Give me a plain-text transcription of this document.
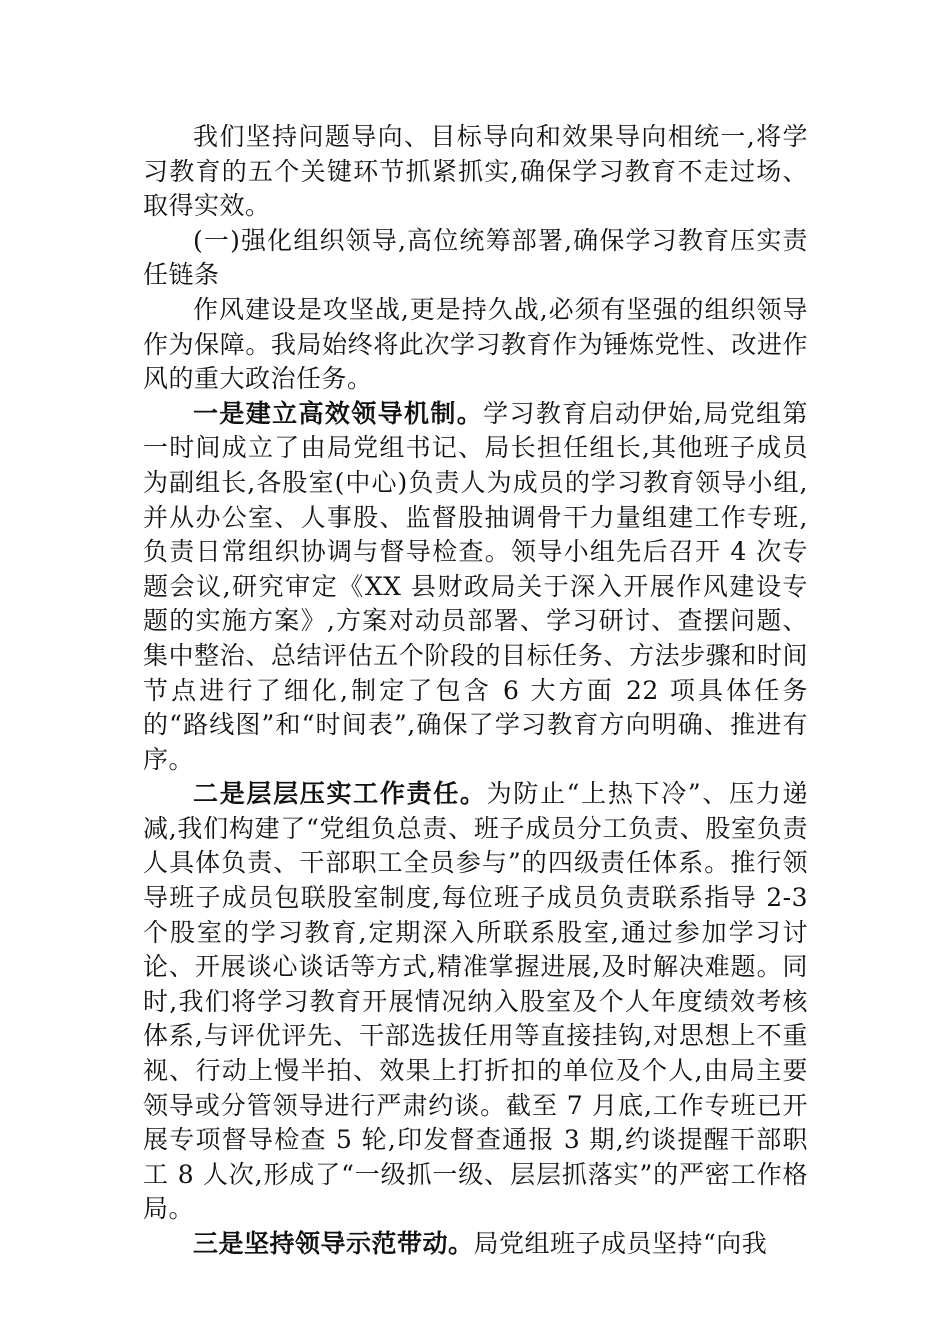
我们坚持问题导向、目标导向和效果导向相统一,将学习教育的五个关键环节抓紧抓实,确保学习教育不走过场、取得实效。

(一)强化组织领导,高位统筹部署,确保学习教育压实责任链条

作风建设是攻坚战,更是持久战,必须有坚强的组织领导作为保障。我局始终将此次学习教育作为锤炼党性、改进作风的重大政治任务。

一是建立高效领导机制。学习教育启动伊始,局党组第一时间成立了由局党组书记、局长担任组长,其他班子成员为副组长,各股室(中心)负责人为成员的学习教育领导小组,并从办公室、人事股、监督股抽调骨干力量组建工作专班,负责日常组织协调与督导检查。领导小组先后召开 4 次专题会议,研究审定《XX 县财政局关于深入开展作风建设专题的实施方案》,方案对动员部署、学习研讨、查摆问题、集中整治、总结评估五个阶段的目标任务、方法步骤和时间节点进行了细化,制定了包含 6 大方面 22 项具体任务的“路线图”和“时间表”,确保了学习教育方向明确、推进有序。

二是层层压实工作责任。为防止“上热下冷”、压力递减,我们构建了“党组负总责、班子成员分工负责、股室负责人具体负责、干部职工全员参与”的四级责任体系。推行领导班子成员包联股室制度,每位班子成员负责联系指导 2-3 个股室的学习教育,定期深入所联系股室,通过参加学习讨论、开展谈心谈话等方式,精准掌握进展,及时解决难题。同时,我们将学习教育开展情况纳入股室及个人年度绩效考核体系,与评优评先、干部选拔任用等直接挂钩,对思想上不重视、行动上慢半拍、效果上打折扣的单位及个人,由局主要领导或分管领导进行严肃约谈。截至 7 月底,工作专班已开展专项督导检查 5 轮,印发督查通报 3 期,约谈提醒干部职工 8 人次,形成了“一级抓一级、层层抓落实”的严密工作格局。

三是坚持领导示范带动。局党组班子成员坚持“向我
